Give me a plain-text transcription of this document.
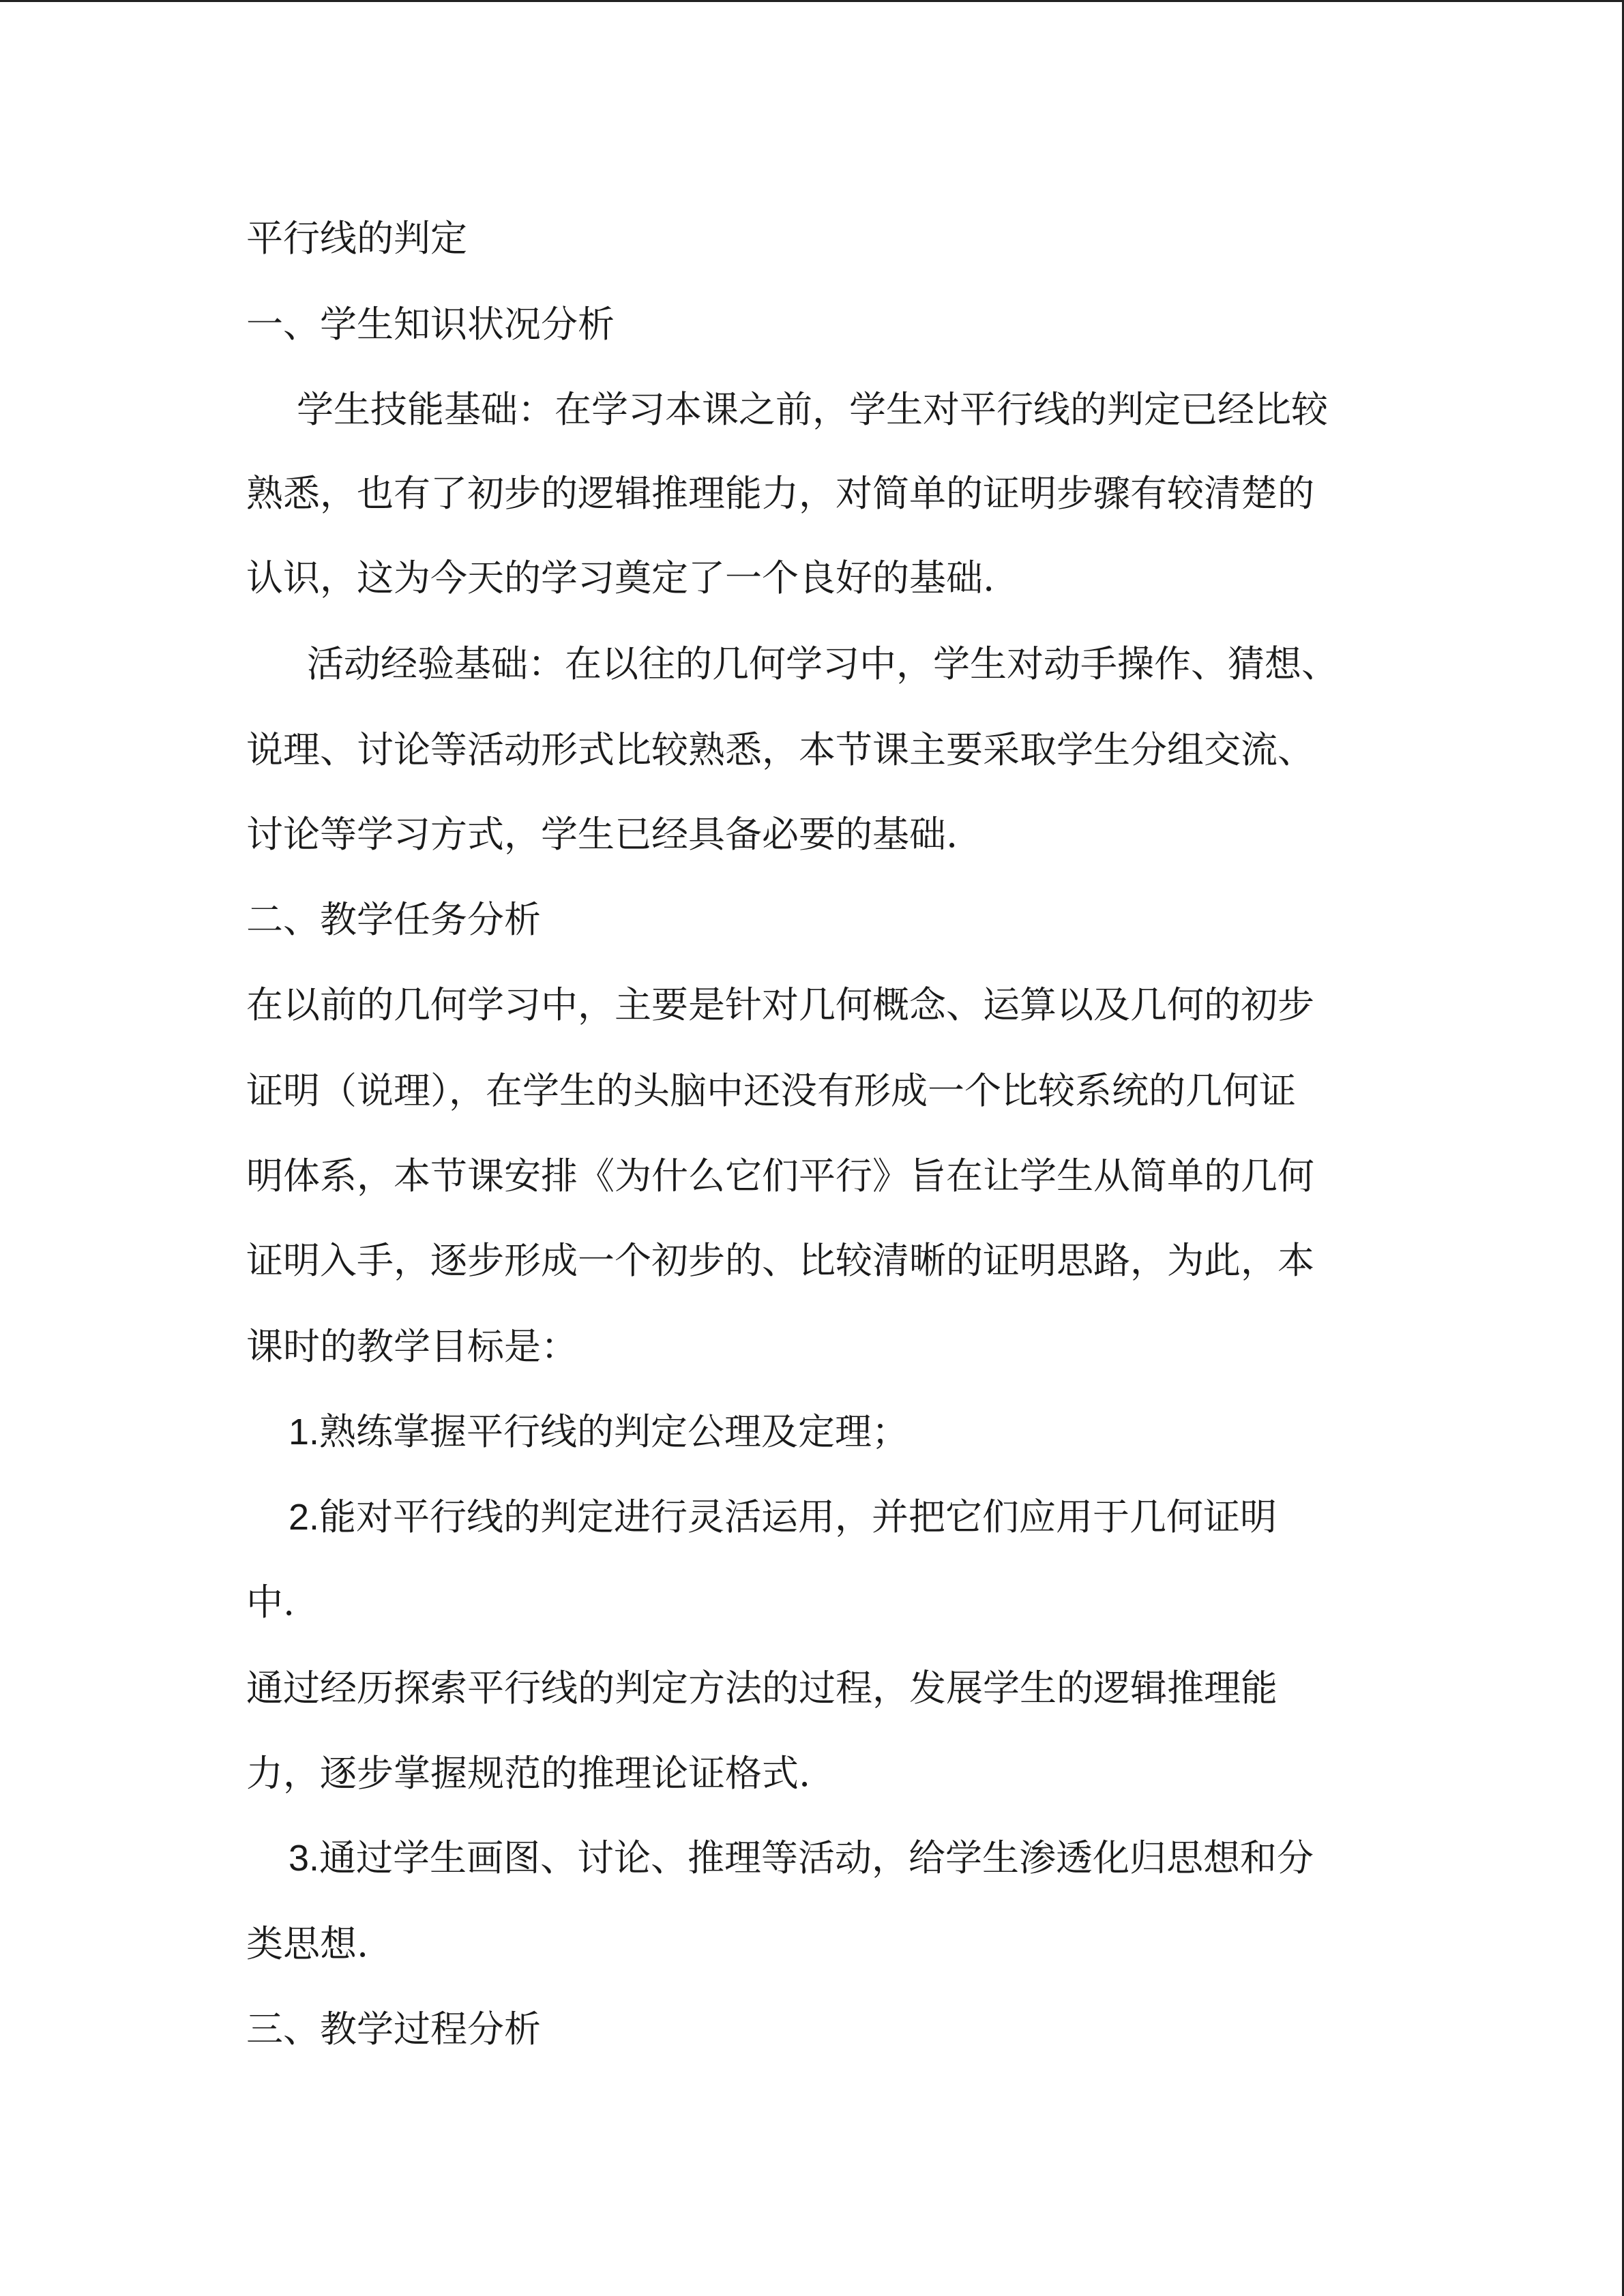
平行线的判定
一、学生知识状况分析
学生技能基础：在学习本课之前，学生对平行线的判定已经比较
熟悉，也有了初步的逻辑推理能力，对简单的证明步骤有较清楚的
认识，这为今天的学习奠定了一个良好的基础.
活动经验基础：在以往的几何学习中，学生对动手操作、猜想、
说理、讨论等活动形式比较熟悉，本节课主要采取学生分组交流、
讨论等学习方式，学生已经具备必要的基础.
二、教学任务分析
在以前的几何学习中，主要是针对几何概念、运算以及几何的初步
证明（说理），在学生的头脑中还没有形成一个比较系统的几何证
明体系，本节课安排《为什么它们平行》旨在让学生从简单的几何
证明入手，逐步形成一个初步的、比较清晰的证明思路，为此，本
课时的教学目标是：
1.熟练掌握平行线的判定公理及定理；
2.能对平行线的判定进行灵活运用，并把它们应用于几何证明
中.
通过经历探索平行线的判定方法的过程，发展学生的逻辑推理能
力，逐步掌握规范的推理论证格式.
3.通过学生画图、讨论、推理等活动，给学生渗透化归思想和分
类思想.
三、教学过程分析
